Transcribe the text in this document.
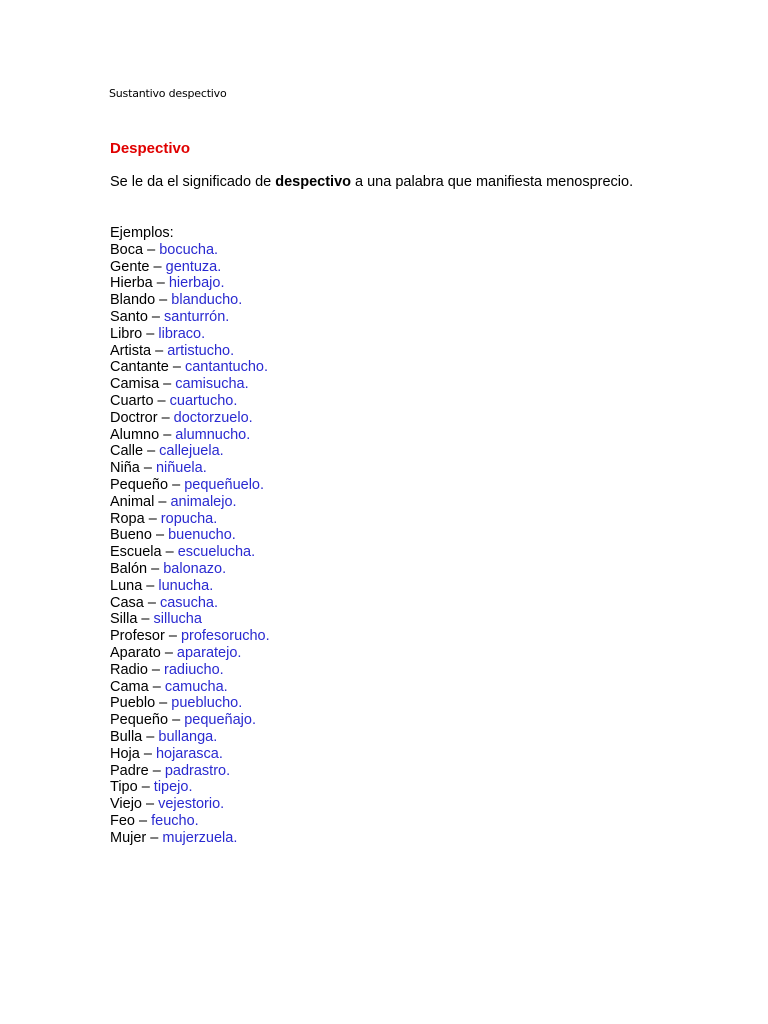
Sustantivo despectivo
Despectivo
Se le da el significado de despectivo a una palabra que manifiesta menosprecio.
Ejemplos:
Boca – bocucha.
Gente – gentuza.
Hierba – hierbajo.
Blando – blanducho.
Santo – santurrón.
Libro – libraco.
Artista – artistucho.
Cantante – cantantucho.
Camisa – camisucha.
Cuarto – cuartucho.
Doctror – doctorzuelo.
Alumno – alumnucho.
Calle – callejuela.
Niña – niñuela.
Pequeño – pequeñuelo.
Animal – animalejo.
Ropa – ropucha.
Bueno – buenucho.
Escuela – escuelucha.
Balón – balonazo.
Luna – lunucha.
Casa – casucha.
Silla – sillucha
Profesor – profesorucho.
Aparato – aparatejo.
Radio – radiucho.
Cama – camucha.
Pueblo – pueblucho.
Pequeño – pequeñajo.
Bulla – bullanga.
Hoja – hojarasca.
Padre – padrastro.
Tipo – tipejo.
Viejo – vejestorio.
Feo – feucho.
Mujer – mujerzuela.
